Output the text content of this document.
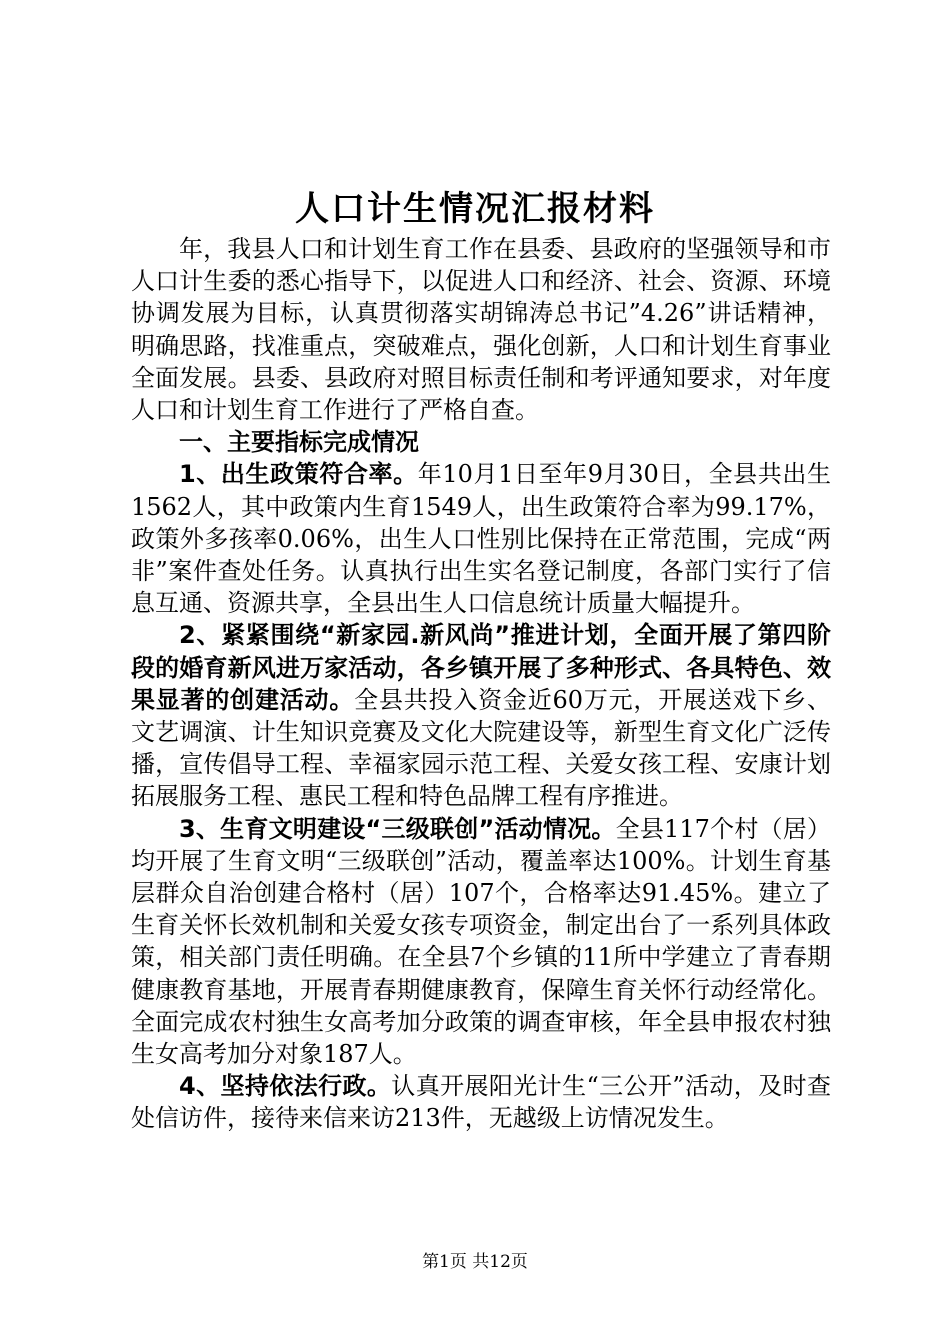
人口计生情况汇报材料

年，我县人口和计划生育工作在县委、县政府的坚强领导和市人口计生委的悉心指导下，以促进人口和经济、社会、资源、环境协调发展为目标，认真贯彻落实胡锦涛总书记”4.26”讲话精神，明确思路，找准重点，突破难点，强化创新，人口和计划生育事业全面发展。县委、县政府对照目标责任制和考评通知要求，对年度人口和计划生育工作进行了严格自查。

一、主要指标完成情况

1、出生政策符合率。年10月1日至年9月30日，全县共出生1562人，其中政策内生育1549人，出生政策符合率为99.17%，政策外多孩率0.06%，出生人口性别比保持在正常范围，完成“两非”案件查处任务。认真执行出生实名登记制度，各部门实行了信息互通、资源共享，全县出生人口信息统计质量大幅提升。

2、紧紧围绕“新家园.新风尚”推进计划，全面开展了第四阶段的婚育新风进万家活动，各乡镇开展了多种形式、各具特色、效果显著的创建活动。全县共投入资金近60万元，开展送戏下乡、文艺调演、计生知识竞赛及文化大院建设等，新型生育文化广泛传播，宣传倡导工程、幸福家园示范工程、关爱女孩工程、安康计划拓展服务工程、惠民工程和特色品牌工程有序推进。

3、生育文明建设“三级联创”活动情况。全县117个村（居）均开展了生育文明“三级联创”活动，覆盖率达100%。计划生育基层群众自治创建合格村（居）107个，合格率达91.45%。建立了生育关怀长效机制和关爱女孩专项资金，制定出台了一系列具体政策，相关部门责任明确。在全县7个乡镇的11所中学建立了青春期健康教育基地，开展青春期健康教育，保障生育关怀行动经常化。全面完成农村独生女高考加分政策的调查审核，年全县申报农村独生女高考加分对象187人。

4、坚持依法行政。认真开展阳光计生“三公开”活动，及时查处信访件，接待来信来访213件，无越级上访情况发生。

第1页 共12页
